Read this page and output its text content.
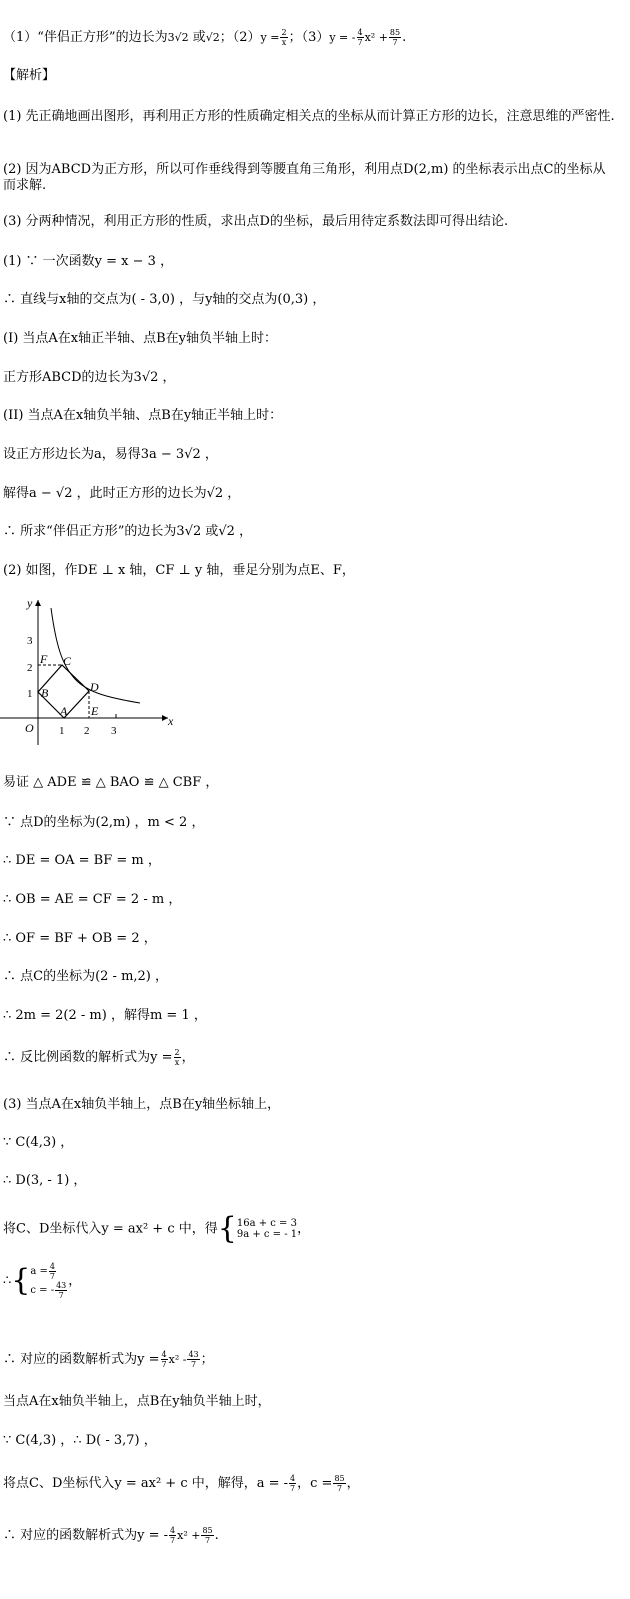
（1）“伴侣正方形”的边长为3√2 或√2；$(2)y = \frac{2}{x}$ ；（3）y = - $\frac{4}{7} x^2 + \frac{85}{7}$ .
【解析】
(1) 先正确地画出图形，再利用正方形的性质确定相关点的坐标从而计算正方形的边长，注意思维的严密性.
(2) 因为ABCD为正方形，所以可作垂线得到等腰直角三角形，利用点D(2,m) 的坐标表示出点C的坐标从而求解.
(3) 分两种情况，利用正方形的性质，求出点D的坐标，最后用待定系数法即可得出结论.
(1) ∵ 一次函数y = x − 3 ，
∴ 直线与x轴的交点为( - 3,0) ，与y轴的交点为(0,3) ，
(I) 当点A在x轴正半轴、点B在y轴负半轴上时：
正方形ABCD的边长为3√2 ，
(II) 当点A在x轴负半轴、点B在y轴正半轴上时：
设正方形边长为a，易得3a − 3√2 ，
解得a − √2 ，此时正方形的边长为√2 ，
∴ 所求“伴侣正方形”的边长为3√2 或√2 ，
(2) 如图，作DE ⊥ x 轴，CF ⊥ y 轴，垂足分别为点E、F，
x
y
O 1 2 3
1
2
3
A
B
C
D
E
F
易证 △ ADE ≌ △ BAO ≌ △ CBF ，
∵ 点D的坐标为(2,m) ，m < 2 ，
∴ DE = OA = BF = m ，
∴ OB = AE = CF = 2 - m ，
∴ OF = BF + OB = 2 ，
∴ 点C的坐标为(2 - m,2) ，
∴ 2m = 2(2 - m) ，解得m = 1 ，
∴ 反比例函数的解析式为$y = \frac{2}{x}$ ，
(3) 当点A在x轴负半轴上，点B在y轴坐标轴上，
∵ C(4,3) ，
∴ D(3, - 1) ，
将C、D坐标代入y = ax² + c 中，得{ 16a + c = 3
9a + c = - 1 ，
∴{ $a = \frac{4}{7}$
c = - $\frac{43}{7}$ ，
∴ 对应的函数解析式为$y = \frac{4}{7} x^2 - \frac{43}{7}$ ；
当点A在x轴负半轴上，点B在y轴负半轴上时，
∵ C(4,3) ，∴ D( - 3,7) ，
将点C、D坐标代入y = ax² + c 中，解得，a = - $\frac{4}{7}$ ，$c = \frac{85}{7}$ ，
∴ 对应的函数解析式为y = - $\frac{4}{7} x^2 + \frac{85}{7}$ .
